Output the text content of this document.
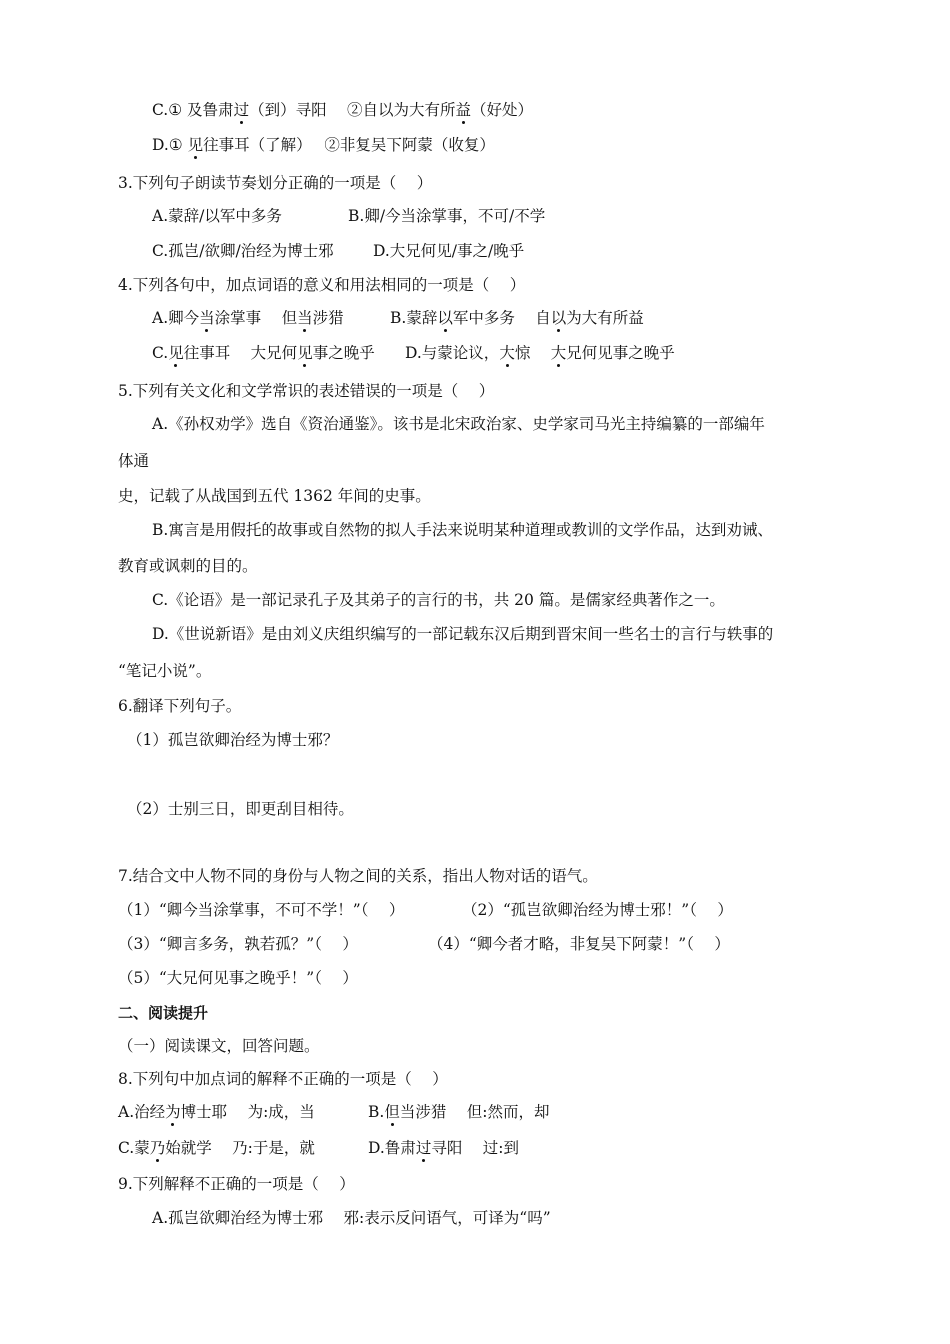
C.① 及鲁肃过（到）寻阳　 ②自以为大有所益（好处）
D.① 见往事耳（了解）　 ②非复吴下阿蒙（收复）
3.下列句子朗读节奏划分正确的一项是（　 ）
A.蒙辞/以军中多务	B.卿/今当涂掌事，不可/不学
C.孤岂/欲卿/治经为博士邪	D.大兄何见/事之/晚乎
4.下列各句中，加点词语的意义和用法相同的一项是（　 ）
A.卿今当涂掌事　 但当涉猎	B.蒙辞以军中多务　 自以为大有所益
C.见往事耳　 大兄何见事之晚乎 D.与蒙论议，大惊　 大兄何见事之晚乎
5.下列有关文化和文学常识的表述错误的一项是（　 ）
A.《孙权劝学》选自《资治通鉴》。该书是北宋政治家、史学家司马光主持编纂的一部编年
体通
史，记载了从战国到五代 1362 年间的史事。
B.寓言是用假托的故事或自然物的拟人手法来说明某种道理或教训的文学作品，达到劝诫、
教育或讽刺的目的。
C.《论语》是一部记录孔子及其弟子的言行的书，共 20 篇。是儒家经典著作之一。
D.《世说新语》是由刘义庆组织编写的一部记载东汉后期到晋宋间一些名士的言行与轶事的
“笔记小说”。
6.翻译下列句子。
（1）孤岂欲卿治经为博士邪？
（2）士别三日，即更刮目相待。
7.结合文中人物不同的身份与人物之间的关系，指出人物对话的语气。
（1）“卿今当涂掌事，不可不学！”（　 ）	（2）“孤岂欲卿治经为博士邪！”（　 ）
（3）“卿言多务，孰若孤？”（　 ）	（4）“卿今者才略，非复吴下阿蒙！”（　 ）
（5）“大兄何见事之晚乎！”（　 ）
二、阅读提升
（一）阅读课文，回答问题。
8.下列句中加点词的解释不正确的一项是（　 ）
A.治经为博士耶　 为:成，当	B.但当涉猎　 但:然而，却
C.蒙乃始就学　 乃:于是，就	D.鲁肃过寻阳　 过:到
9.下列解释不正确的一项是（　 ）
A.孤岂欲卿治经为博士邪　 邪:表示反问语气，可译为“吗”
